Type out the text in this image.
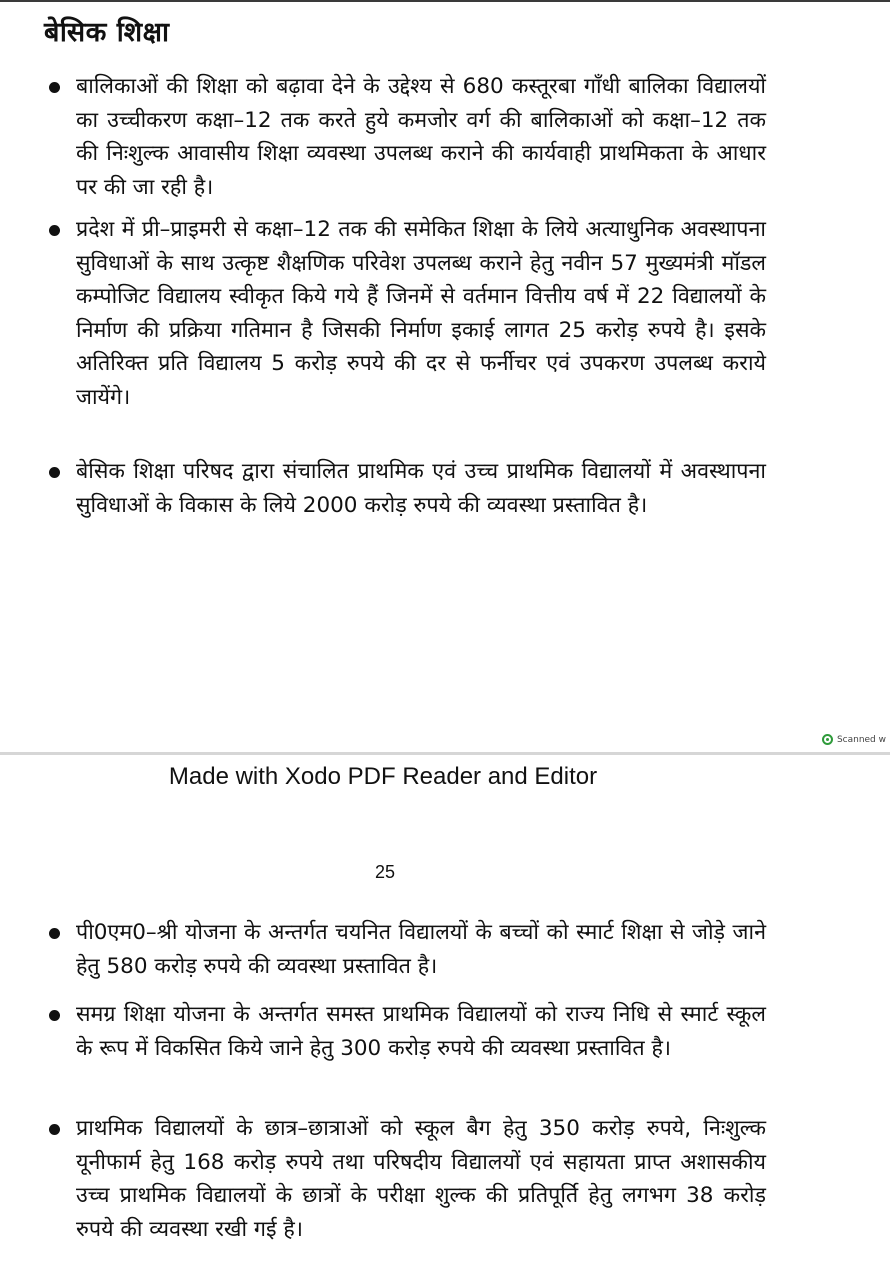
बेसिक शिक्षा
बालिकाओं की शिक्षा को बढ़ावा देने के उद्देश्य से 680 कस्तूरबा गाँधी बालिका विद्यालयों का उच्चीकरण कक्षा–12 तक करते हुये कमजोर वर्ग की बालिकाओं को कक्षा–12 तक की निःशुल्क आवासीय शिक्षा व्यवस्था उपलब्ध कराने की कार्यवाही प्राथमिकता के आधार पर की जा रही है।
प्रदेश में प्री–प्राइमरी से कक्षा–12 तक की समेकित शिक्षा के लिये अत्याधुनिक अवस्थापना सुविधाओं के साथ उत्कृष्ट शैक्षणिक परिवेश उपलब्ध कराने हेतु नवीन 57 मुख्यमंत्री मॉडल कम्पोजिट विद्यालय स्वीकृत किये गये हैं जिनमें से वर्तमान वित्तीय वर्ष में 22 विद्यालयों के निर्माण की प्रक्रिया गतिमान है जिसकी निर्माण इकाई लागत 25 करोड़ रुपये है। इसके अतिरिक्त प्रति विद्यालय 5 करोड़ रुपये की दर से फर्नीचर एवं उपकरण उपलब्ध कराये जायेंगे।
बेसिक शिक्षा परिषद द्वारा संचालित प्राथमिक एवं उच्च प्राथमिक विद्यालयों में अवस्थापना सुविधाओं के विकास के लिये 2000 करोड़ रुपये की व्यवस्था प्रस्तावित है।
Scanned w
Made with Xodo PDF Reader and Editor
25
पी0एम0–श्री योजना के अन्तर्गत चयनित विद्यालयों के बच्चों को स्मार्ट शिक्षा से जोड़े जाने हेतु 580 करोड़ रुपये की व्यवस्था प्रस्तावित है।
समग्र शिक्षा योजना के अन्तर्गत समस्त प्राथमिक विद्यालयों को राज्य निधि से स्मार्ट स्कूल के रूप में विकसित किये जाने हेतु 300 करोड़ रुपये की व्यवस्था प्रस्तावित है।
प्राथमिक विद्यालयों के छात्र–छात्राओं को स्कूल बैग हेतु 350 करोड़ रुपये, निःशुल्क यूनीफार्म हेतु 168 करोड़ रुपये तथा परिषदीय विद्यालयों एवं सहायता प्राप्त अशासकीय उच्च प्राथमिक विद्यालयों के छात्रों के परीक्षा शुल्क की प्रतिपूर्ति हेतु लगभग 38 करोड़ रुपये की व्यवस्था रखी गई है।
